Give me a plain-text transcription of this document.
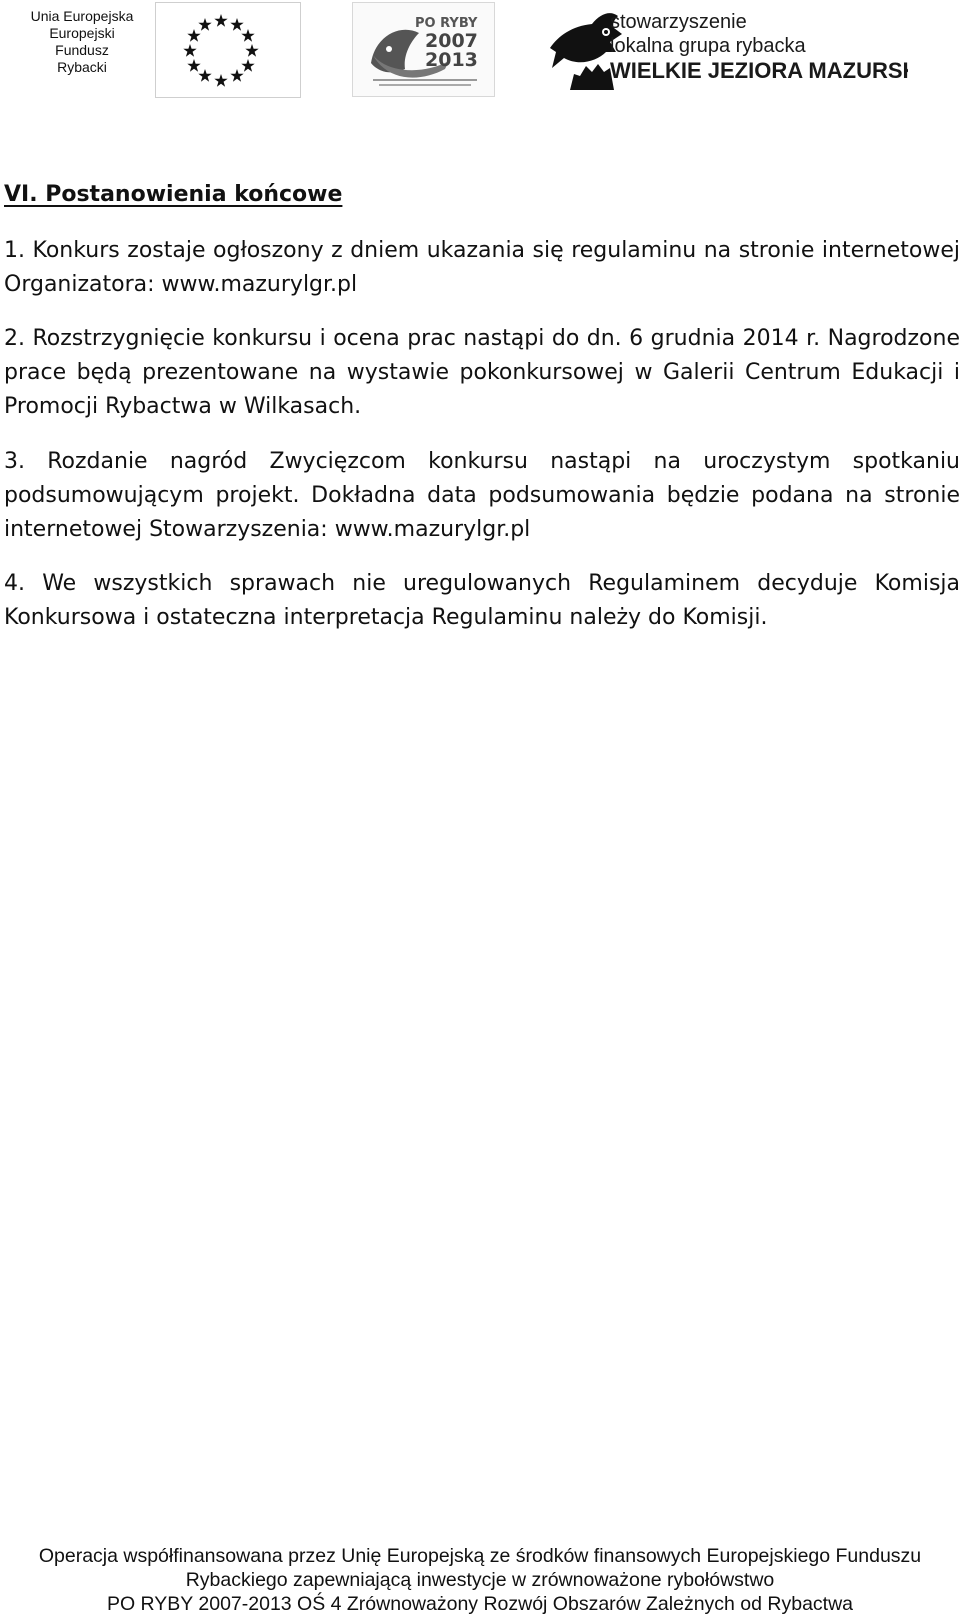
Unia Europejska
Europejski
Fundusz
Rybacki
PO RYBY
2007
2013
stowarzyszenie
lokalna grupa rybacka
WIELKIE JEZIORA MAZURSKIE
VI. Postanowienia końcowe

1. Konkurs zostaje ogłoszony z dniem ukazania się regulaminu na stronie internetowej Organizatora: www.mazurylgr.pl

2. Rozstrzygnięcie konkursu i ocena prac nastąpi do dn. 6 grudnia 2014 r. Nagrodzone prace będą prezentowane na wystawie pokonkursowej w Galerii Centrum Edukacji i Promocji Rybactwa w Wilkasach.

3. Rozdanie nagród Zwycięzcom konkursu nastąpi na uroczystym spotkaniu podsumowującym projekt. Dokładna data podsumowania będzie podana na stronie internetowej Stowarzyszenia: www.mazurylgr.pl

4. We wszystkich sprawach nie uregulowanych Regulaminem decyduje Komisja Konkursowa i ostateczna interpretacja Regulaminu należy do Komisji.

Operacja współfinansowana przez Unię Europejską ze środków finansowych Europejskiego Funduszu
Rybackiego zapewniającą inwestycje w zrównoważone rybołówstwo
PO RYBY 2007-2013 OŚ 4 Zrównoważony Rozwój Obszarów Zależnych od Rybactwa
